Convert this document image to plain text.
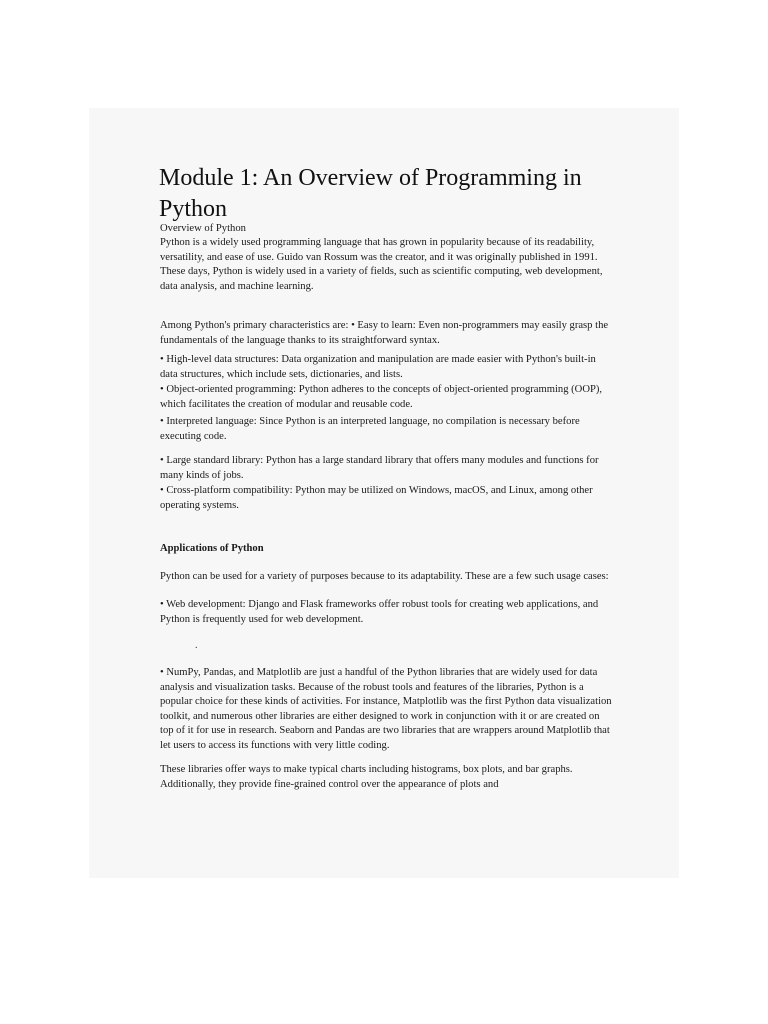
Module 1: An Overview of Programming in Python

Overview of Python

Python is a widely used programming language that has grown in popularity because of its readability, versatility, and ease of use. Guido van Rossum was the creator, and it was originally published in 1991. These days, Python is widely used in a variety of fields, such as scientific computing, web development, data analysis, and machine learning.

Among Python's primary characteristics are: • Easy to learn: Even non-programmers may easily grasp the fundamentals of the language thanks to its straightforward syntax.

• High-level data structures: Data organization and manipulation are made easier with Python's built-in data structures, which include sets, dictionaries, and lists.

• Object-oriented programming: Python adheres to the concepts of object-oriented programming (OOP), which facilitates the creation of modular and reusable code.

• Interpreted language: Since Python is an interpreted language, no compilation is necessary before executing code.

• Large standard library: Python has a large standard library that offers many modules and functions for many kinds of jobs.

• Cross-platform compatibility: Python may be utilized on Windows, macOS, and Linux, among other operating systems.

Applications of Python

Python can be used for a variety of purposes because to its adaptability. These are a few such usage cases:

• Web development: Django and Flask frameworks offer robust tools for creating web applications, and Python is frequently used for web development.

.

• NumPy, Pandas, and Matplotlib are just a handful of the Python libraries that are widely used for data analysis and visualization tasks. Because of the robust tools and features of the libraries, Python is a popular choice for these kinds of activities. For instance, Matplotlib was the first Python data visualization toolkit, and numerous other libraries are either designed to work in conjunction with it or are created on top of it for use in research. Seaborn and Pandas are two libraries that are wrappers around Matplotlib that let users to access its functions with very little coding.

These libraries offer ways to make typical charts including histograms, box plots, and bar graphs. Additionally, they provide fine-grained control over the appearance of plots and
